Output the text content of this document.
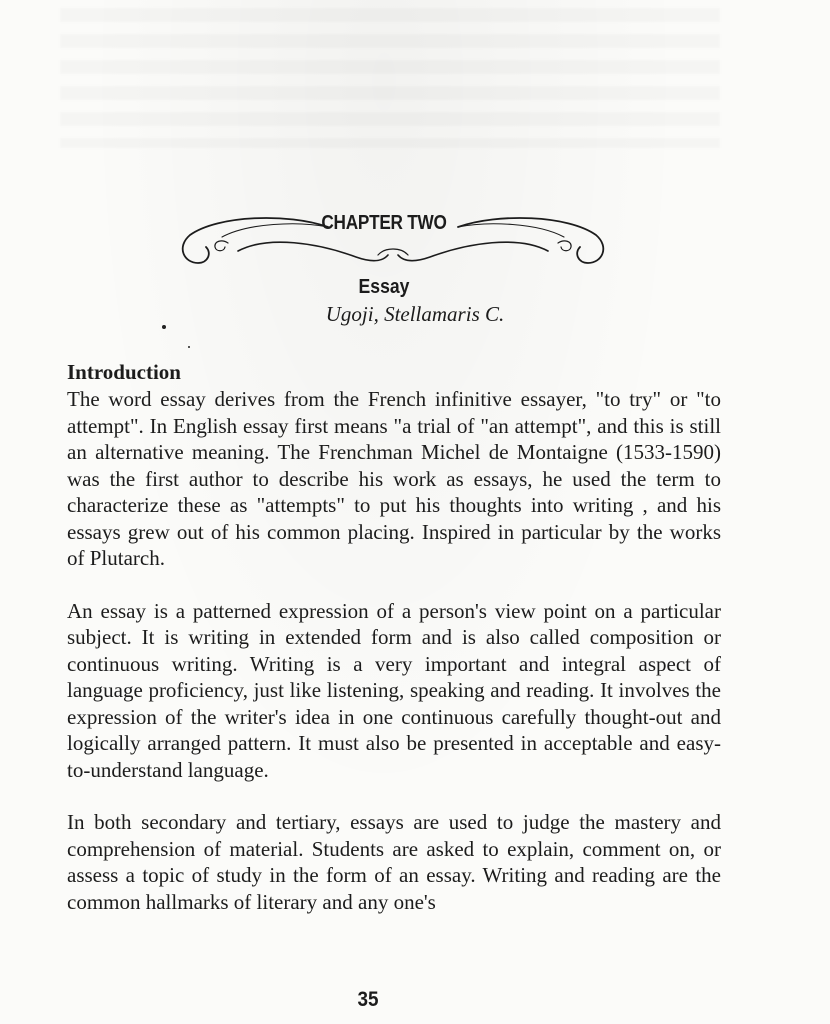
CHAPTER TWO
Essay
Ugoji, Stellamaris C.
Introduction

The word essay derives from the French infinitive essayer, "to try" or "to attempt". In English essay first means "a trial of "an attempt", and this is still an alternative meaning. The Frenchman Michel de Montaigne (1533-1590) was the first author to describe his work as essays, he used the term to characterize these as "attempts" to put his thoughts into writing , and his essays grew out of his common placing. Inspired in particular by the works of Plutarch.

An essay is a patterned expression of a person's view point on a particular subject. It is writing in extended form and is also called composition or continuous writing. Writing is a very important and integral aspect of language proficiency, just like listening, speaking and reading. It involves the expression of the writer's idea in one continuous carefully thought-out and logically arranged pattern. It must also be presented in acceptable and easy-to-understand language.

In both secondary and tertiary, essays are used to judge the mastery and comprehension of material. Students are asked to explain, comment on, or assess a topic of study in the form of an essay. Writing and reading are the common hallmarks of literary and any one's

35
